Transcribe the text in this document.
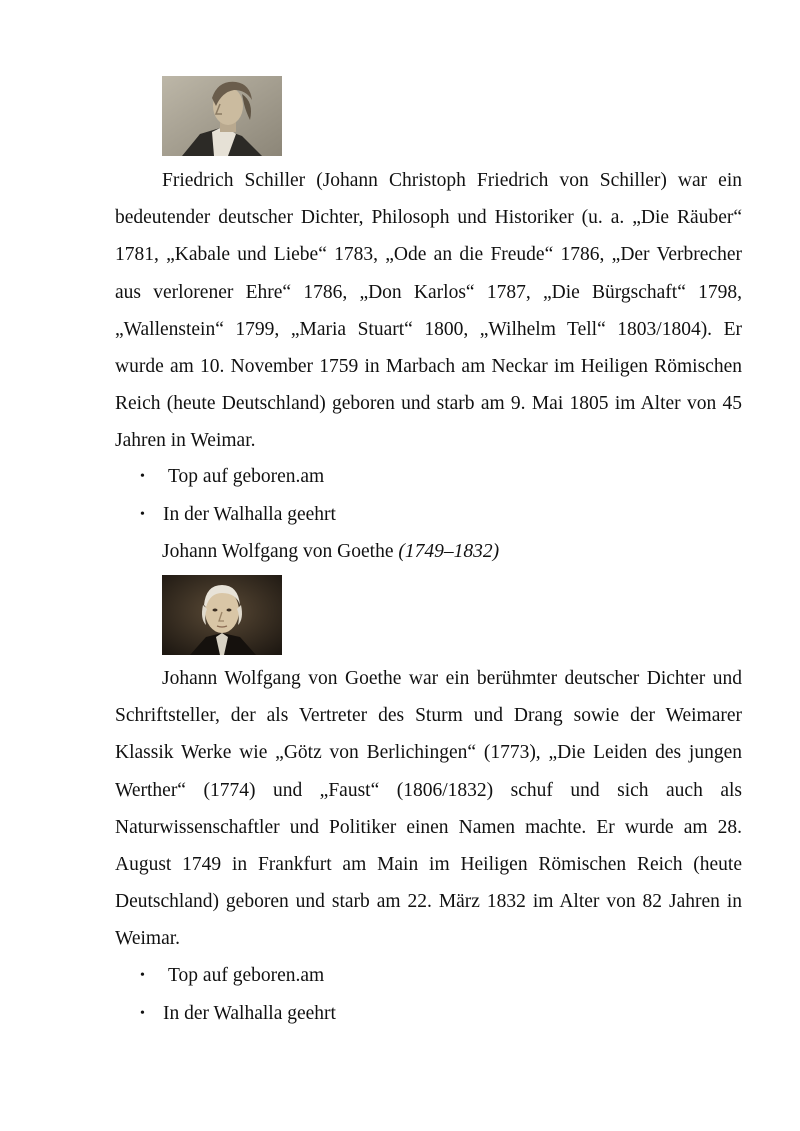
Friedrich Schiller (Johann Christoph Friedrich von Schiller) war ein bedeutender deutscher Dichter, Philosoph und Historiker (u. a. „Die Räuber“ 1781, „Kabale und Liebe“ 1783, „Ode an die Freude“ 1786, „Der Verbrecher aus verlorener Ehre“ 1786, „Don Karlos“ 1787, „Die Bürgschaft“ 1798, „Wallenstein“ 1799, „Maria Stuart“ 1800, „Wilhelm Tell“ 1803/1804). Er wurde am 10. November 1759 in Marbach am Neckar im Heiligen Römischen Reich (heute Deutschland) geboren und starb am 9. Mai 1805 im Alter von 45 Jahren in Weimar.

•	Top auf geboren.am
• In der Walhalla geehrt
Johann Wolfgang von Goethe (1749–1832)

Johann Wolfgang von Goethe war ein berühmter deutscher Dichter und Schriftsteller, der als Vertreter des Sturm und Drang sowie der Weimarer Klassik Werke wie „Götz von Berlichingen“ (1773), „Die Leiden des jungen Werther“ (1774) und „Faust“ (1806/1832) schuf und sich auch als Naturwissenschaftler und Politiker einen Namen machte. Er wurde am 28. August 1749 in Frankfurt am Main im Heiligen Römischen Reich (heute Deutschland) geboren und starb am 22. März 1832 im Alter von 82 Jahren in Weimar.

•	Top auf geboren.am
• In der Walhalla geehrt
